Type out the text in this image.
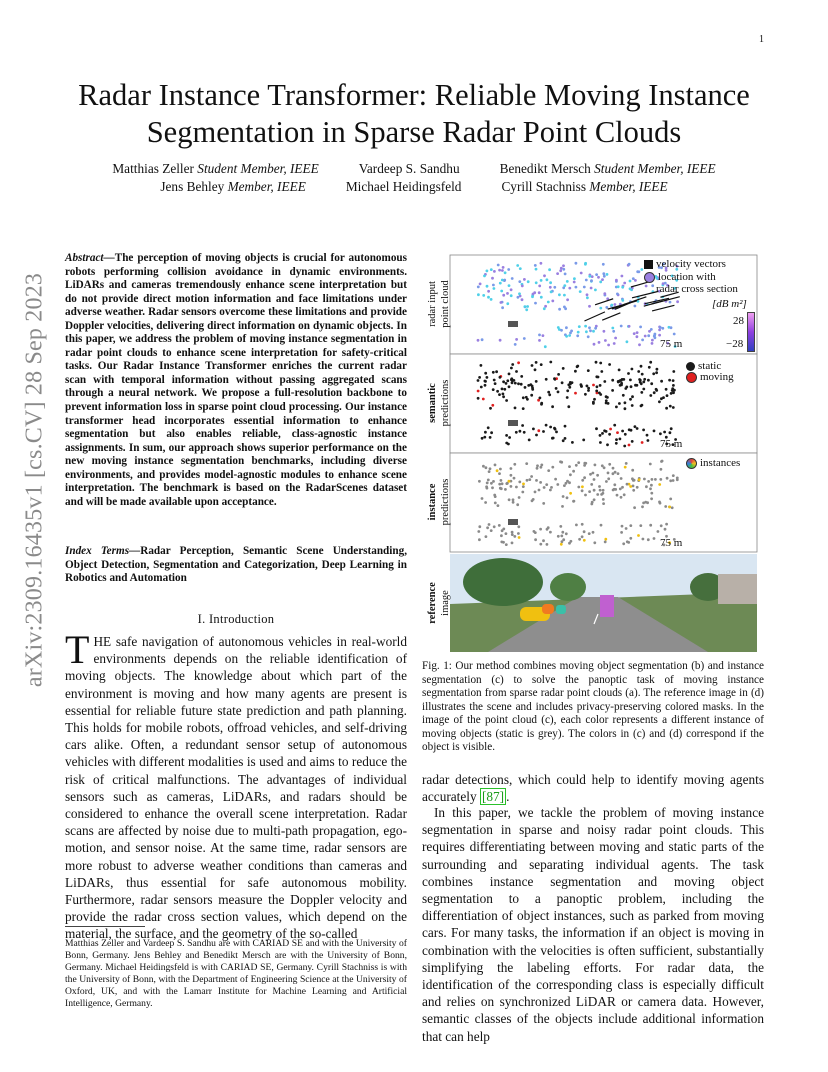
1
arXiv:2309.16435v1 [cs.CV] 28 Sep 2023
Radar Instance Transformer: Reliable Moving Instance Segmentation in Sparse Radar Point Clouds
Matthias Zeller Student Member, IEEE	Vardeep S. Sandhu	Benedikt Mersch Student Member, IEEE
Jens Behley Member, IEEE	Michael Heidingsfeld	Cyrill Stachniss Member, IEEE
Abstract—The perception of moving objects is crucial for autonomous robots performing collision avoidance in dynamic environments. LiDARs and cameras tremendously enhance scene interpretation but do not provide direct motion information and face limitations under adverse weather. Radar sensors overcome these limitations and provide Doppler velocities, delivering direct information on dynamic objects. In this paper, we address the problem of moving instance segmentation in radar point clouds to enhance scene interpretation for safety-critical tasks. Our Radar Instance Transformer enriches the current radar scan with temporal information without passing aggregated scans through a neural network. We propose a full-resolution backbone to prevent information loss in sparse point cloud processing. Our instance transformer head incorporates essential information to enhance segmentation but also enables reliable, class-agnostic instance assignments. In sum, our approach shows superior performance on the new moving instance segmentation benchmarks, including diverse environments, and provides model-agnostic modules to enhance scene interpretation. The benchmark is based on the RadarScenes dataset and will be made available upon acceptance.
Index Terms—Radar Perception, Semantic Scene Understanding, Object Detection, Segmentation and Categorization, Deep Learning in Robotics and Automation
I. Introduction
THE safe navigation of autonomous vehicles in real-world environments depends on the reliable identification of moving objects. The knowledge about which part of the environment is moving and how many agents are present is essential for reliable future state prediction and path planning. This holds for mobile robots, offroad vehicles, and self-driving cars alike. Often, a redundant sensor setup of autonomous vehicles with different modalities is used and aims to reduce the risk of critical malfunctions. The advantages of individual sensors such as cameras, LiDARs, and radars should be considered to enhance the overall scene interpretation. Radar scans are affected by noise due to multi-path propagation, ego-motion, and sensor noise. At the same time, radar sensors are more robust to adverse weather conditions than cameras and LiDARs, thus essential for safe autonomous mobility. Furthermore, radar sensors measure the Doppler velocity and provide the radar cross section values, which depend on the material, the surface, and the geometry of the so-called
Matthias Zeller and Vardeep S. Sandhu are with CARIAD SE and with the University of Bonn, Germany. Jens Behley and Benedikt Mersch are with the University of Bonn, Germany. Michael Heidingsfeld is with CARIAD SE, Germany. Cyrill Stachniss is with the University of Bonn, with the Department of Engineering Science at the University of Oxford, UK, and with the Lamarr Institute for Machine Learning and Artificial Intelligence, Germany.
radar input point cloud
semantic predictions
instance predictions
reference image
velocity vectors
location with
radar cross section
[dB m²]
28
−28
75 m
static
moving
75 m
instances
75 m
Fig. 1: Our method combines moving object segmentation (b) and instance segmentation (c) to solve the panoptic task of moving instance segmentation from sparse radar point clouds (a). The reference image in (d) illustrates the scene and includes privacy-preserving colored masks. In the image of the point cloud (c), each color represents a different instance of moving objects (static is grey). The colors in (c) and (d) correspond if the object is visible.
radar detections, which could help to identify moving agents accurately [87] .
In this paper, we tackle the problem of moving instance segmentation in sparse and noisy radar point clouds. This requires differentiating between moving and static parts of the surrounding and separating individual agents. The task combines instance segmentation and moving object segmentation to a panoptic problem, including the differentiation of object instances, such as parked from moving cars. For many tasks, the information if an object is moving in combination with the velocities is often sufficient, substantially simplifying the labeling efforts. For radar data, the identification of the corresponding class is especially difficult and relies on synchronized LiDAR or camera data. However, semantic classes of the objects include additional information that can help
